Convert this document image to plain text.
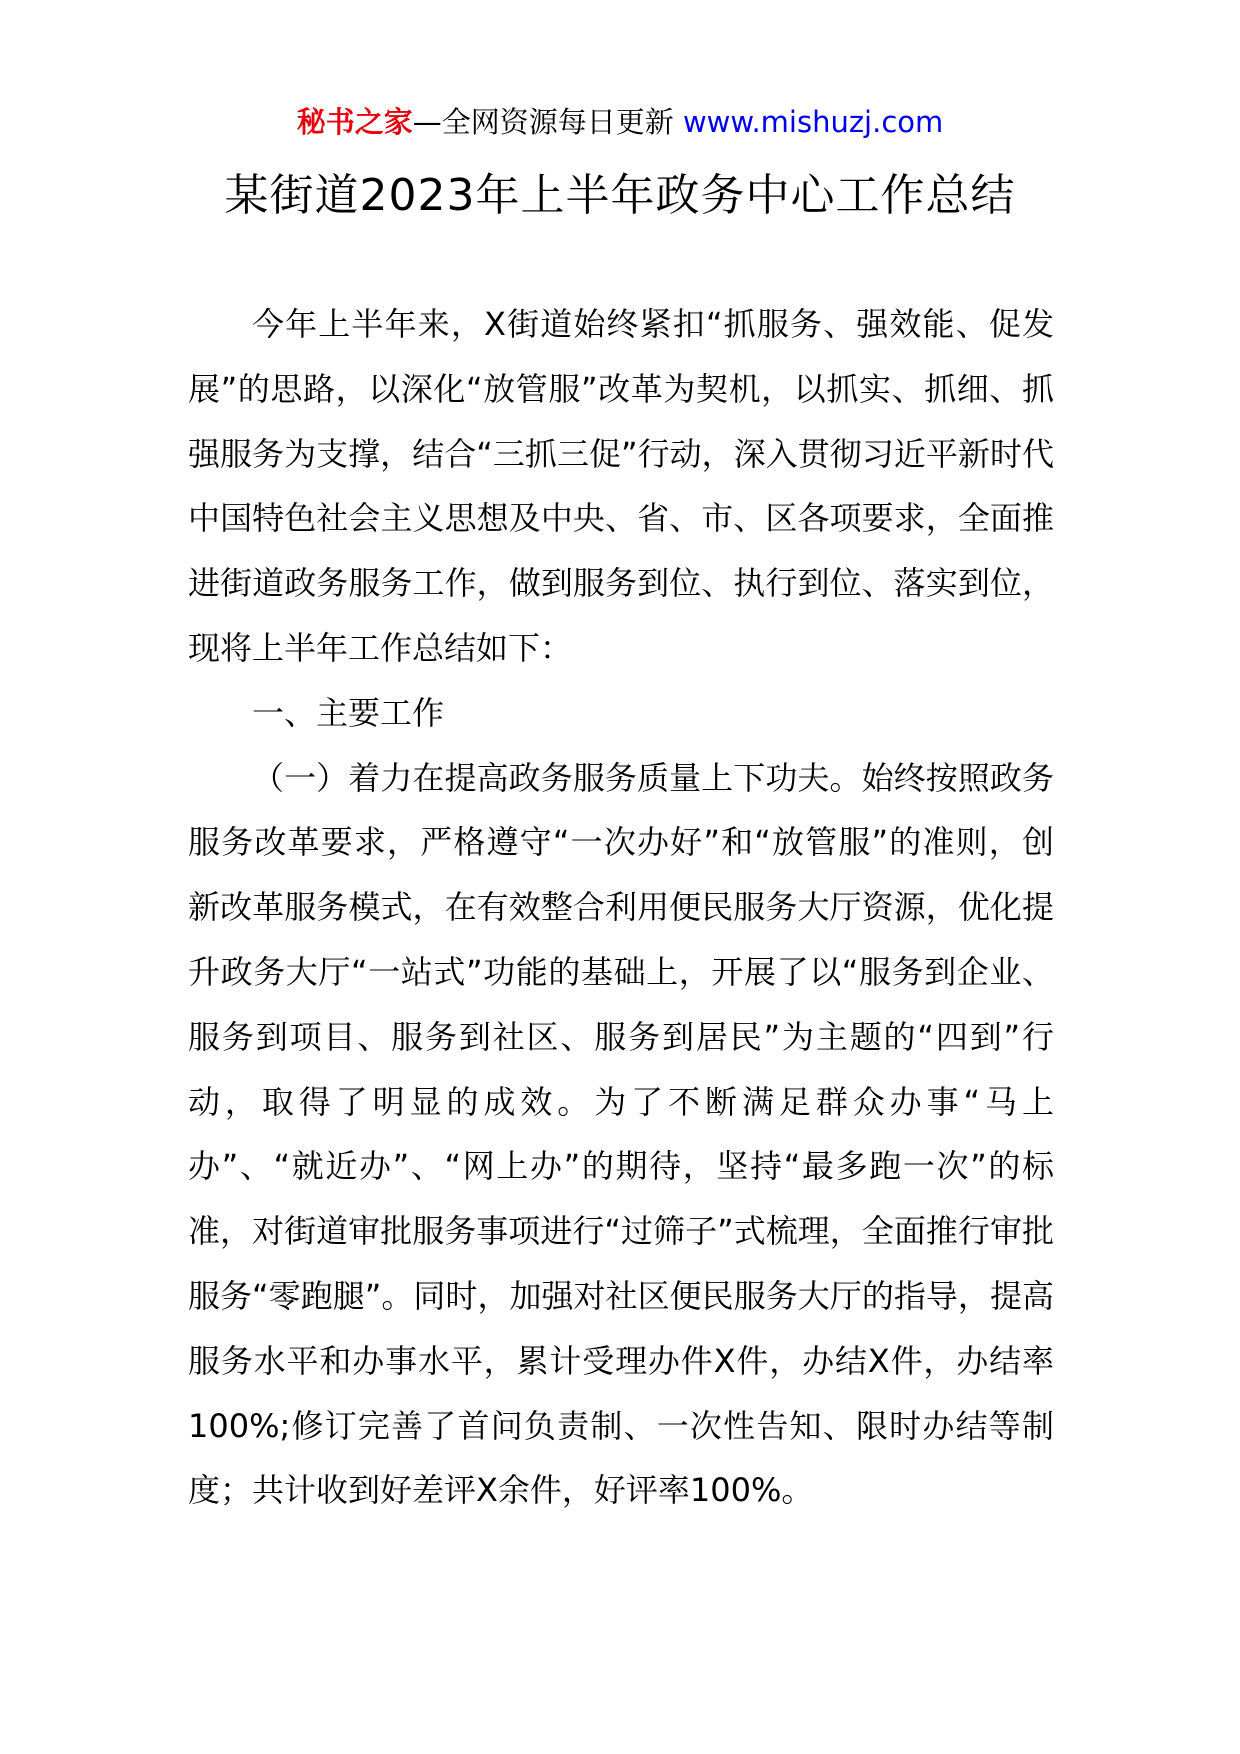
秘书之家—全网资源每日更新 www.mishuzj.com
某街道2023年上半年政务中心工作总结

今年上半年来，X街道始终紧扣“抓服务、强效能、促发展”的思路，以深化“放管服”改革为契机，以抓实、抓细、抓强服务为支撑，结合“三抓三促”行动，深入贯彻习近平新时代中国特色社会主义思想及中央、省、市、区各项要求，全面推进街道政务服务工作，做到服务到位、执行到位、落实到位，现将上半年工作总结如下：

一、主要工作

（一）着力在提高政务服务质量上下功夫。始终按照政务服务改革要求，严格遵守“一次办好”和“放管服”的准则，创新改革服务模式，在有效整合利用便民服务大厅资源，优化提升政务大厅“一站式”功能的基础上，开展了以“服务到企业、服务到项目、服务到社区、服务到居民”为主题的“四到”行动，取得了明显的成效。为了不断满足群众办事“马上办”、“就近办”、“网上办”的期待，坚持“最多跑一次”的标准，对街道审批服务事项进行“过筛子”式梳理，全面推行审批服务“零跑腿”。同时，加强对社区便民服务大厅的指导，提高服务水平和办事水平，累计受理办件X件，办结X件，办结率100%;修订完善了首问负责制、一次性告知、限时办结等制度；共计收到好差评X余件，好评率100%。
